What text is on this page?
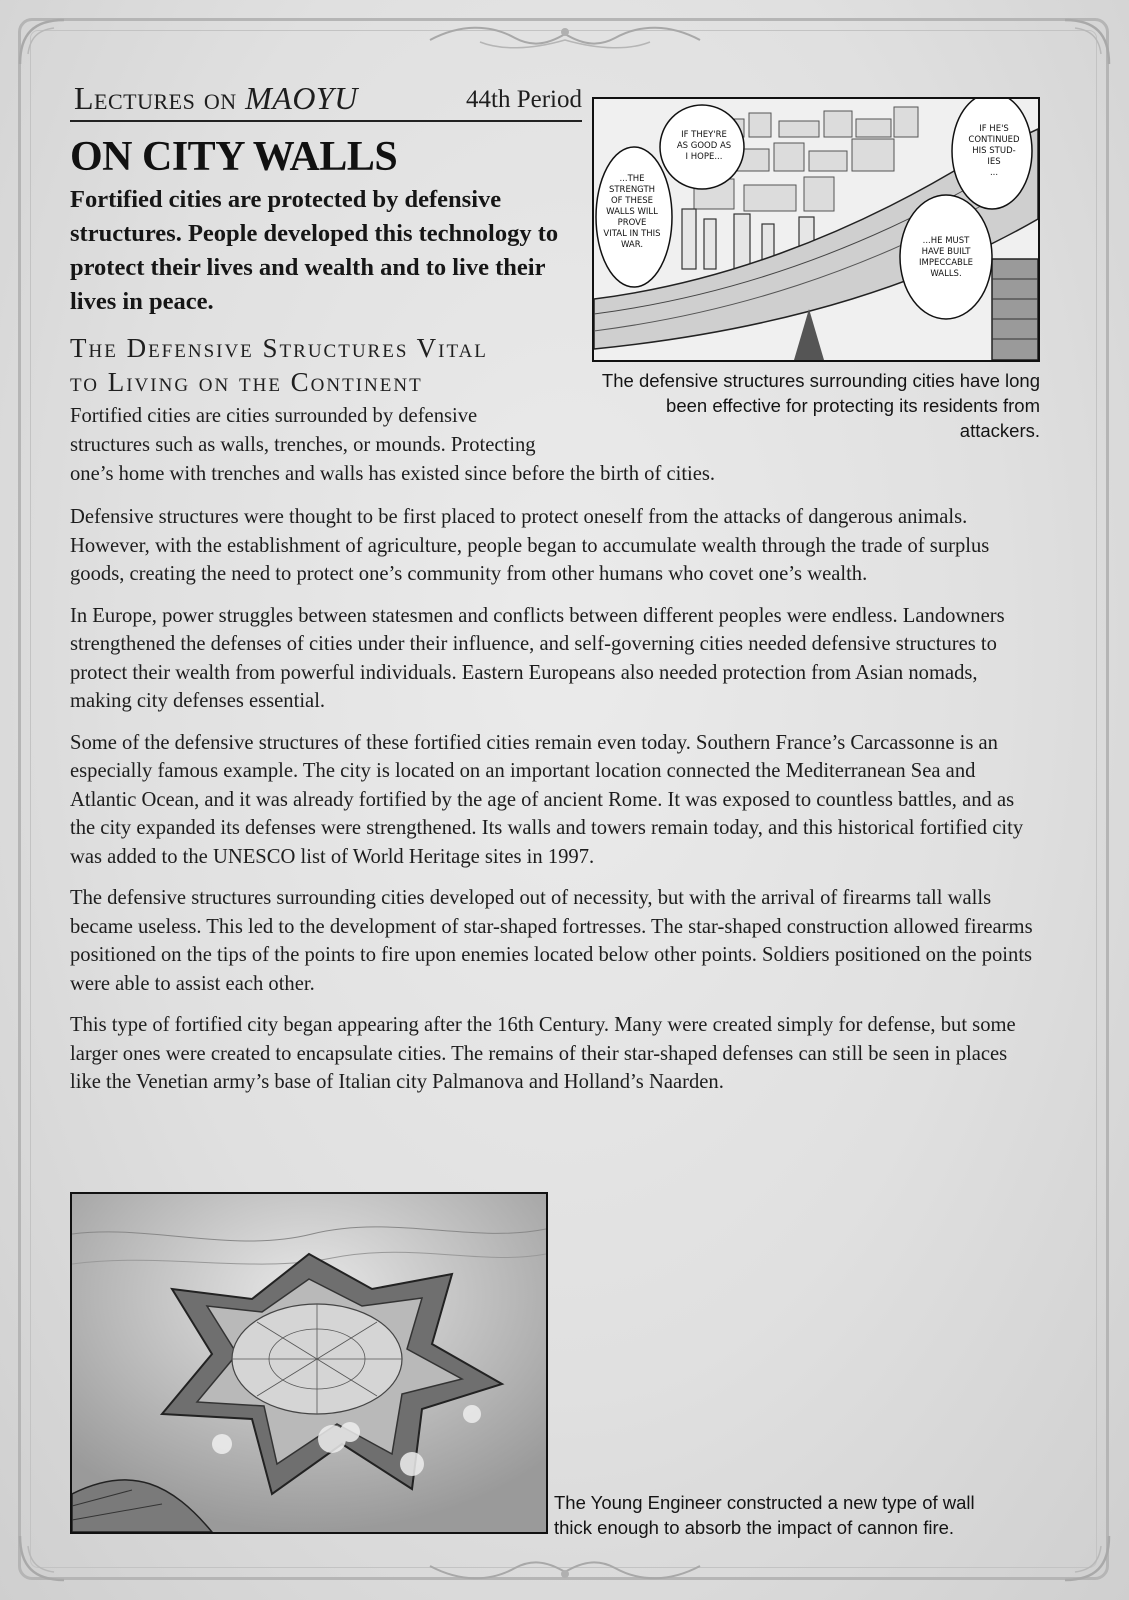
Lectures on MAOYU	44th Period
ON CITY WALLS
Fortified cities are protected by defensive structures. People developed this technology to protect their lives and wealth and to live their lives in peace.
The Defensive Structures Vital
to Living on the Continent
Fortified cities are cities surrounded by defensive
structures such as walls, trenches, or mounds. Protecting
one’s home with trenches and walls has existed since before the birth of cities.

Defensive structures were thought to be first placed to protect oneself from the attacks of dangerous animals. However, with the establishment of agriculture, people began to accumulate wealth through the trade of surplus goods, creating the need to protect one’s community from other humans who covet one’s wealth.

In Europe, power struggles between statesmen and conflicts between different peoples were endless. Landowners strengthened the defenses of cities under their influence, and self-governing cities needed defensive structures to protect their wealth from powerful individuals. Eastern Europeans also needed protection from Asian nomads, making city defenses essential.

Some of the defensive structures of these fortified cities remain even today. Southern France’s Carcassonne is an especially famous example. The city is located on an important location connected the Mediterranean Sea and Atlantic Ocean, and it was already fortified by the age of ancient Rome. It was exposed to countless battles, and as the city expanded its defenses were strengthened. Its walls and towers remain today, and this historical fortified city was added to the UNESCO list of World Heritage sites in 1997.

The defensive structures surrounding cities developed out of necessity, but with the arrival of firearms tall walls became useless. This led to the development of star-shaped fortresses. The star-shaped construction allowed firearms positioned on the tips of the points to fire upon enemies located below other points. Soldiers positioned on the points were able to assist each other.

This type of fortified city began appearing after the 16th Century. Many were created simply for defense, but some larger ones were created to encapsulate cities. The remains of their star-shaped defenses can still be seen in places like the Venetian army’s base of Italian city Palmanova and Holland’s Naarden.

IF THEY'RE
AS GOOD AS
I HOPE...
...THE
STRENGTH
OF THESE
WALLS WILL
PROVE
VITAL IN THIS
WAR.
IF HE'S
CONTINUED
HIS STUD-
IES
...
...HE MUST
HAVE BUILT
IMPECCABLE
WALLS.
The defensive structures surrounding cities have long been effective for protecting its residents from attackers.
The Young Engineer constructed a new type of wall thick enough to absorb the impact of cannon fire.
